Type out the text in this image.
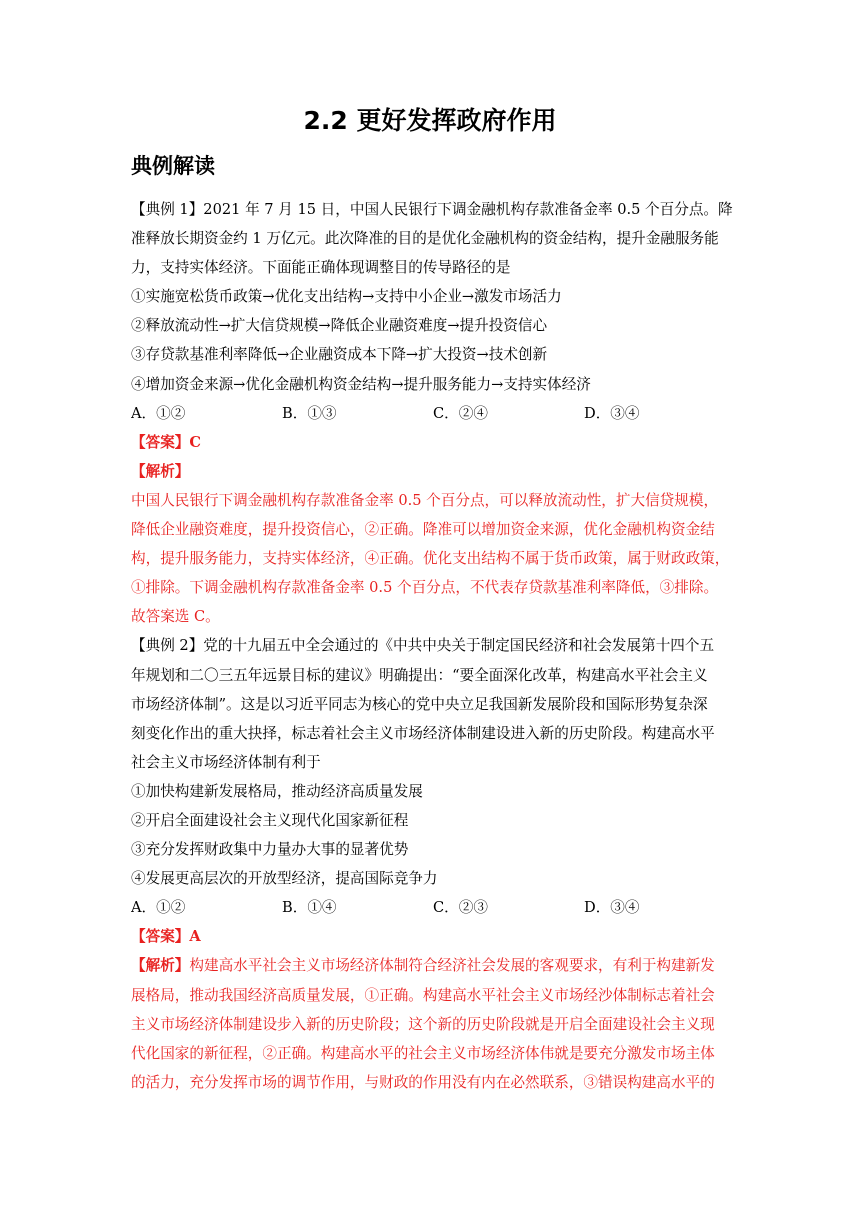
2.2 更好发挥政府作用
典例解读
【典例 1】2021 年 7 月 15 日，中国人民银行下调金融机构存款准备金率 0.5 个百分点。降
准释放长期资金约 1 万亿元。此次降准的目的是优化金融机构的资金结构，提升金融服务能
力，支持实体经济。下面能正确体现调整目的传导路径的是
①实施宽松货币政策→优化支出结构→支持中小企业→激发市场活力
②释放流动性→扩大信贷规模→降低企业融资难度→提升投资信心
③存贷款基准利率降低→企业融资成本下降→扩大投资→技术创新
④增加资金来源→优化金融机构资金结构→提升服务能力→支持实体经济
A．①②	B．①③	C．②④	D．③④
【答案】C
【解析】
中国人民银行下调金融机构存款准备金率 0.5 个百分点，可以释放流动性，扩大信贷规模，
降低企业融资难度，提升投资信心，②正确。降准可以增加资金来源，优化金融机构资金结
构，提升服务能力，支持实体经济，④正确。优化支出结构不属于货币政策，属于财政政策，
①排除。下调金融机构存款准备金率 0.5 个百分点，不代表存贷款基准利率降低，③排除。
故答案选 C。
【典例 2】党的十九届五中全会通过的《中共中央关于制定国民经济和社会发展第十四个五
年规划和二〇三五年远景目标的建议》明确提出：“要全面深化改革，构建高水平社会主义
市场经济体制”。这是以习近平同志为核心的党中央立足我国新发展阶段和国际形势复杂深
刻变化作出的重大抉择，标志着社会主义市场经济体制建设进入新的历史阶段。构建高水平
社会主义市场经济体制有利于
①加快构建新发展格局，推动经济高质量发展
②开启全面建设社会主义现代化国家新征程
③充分发挥财政集中力量办大事的显著优势
④发展更高层次的开放型经济，提高国际竞争力
A．①②	B．①④	C．②③	D．③④
【答案】A
【解析】构建高水平社会主义市场经济体制符合经济社会发展的客观要求，有利于构建新发
展格局，推动我国经济高质量发展，①正确。构建高水平社会主义市场经沙体制标志着社会
主义市场经济体制建设步入新的历史阶段；这个新的历史阶段就是开启全面建设社会主义现
代化国家的新征程，②正确。构建高水平的社会主义市场经济体伟就是要充分激发市场主体
的活力，充分发挥市场的调节作用，与财政的作用没有内在必然联系，③错误构建高水平的
